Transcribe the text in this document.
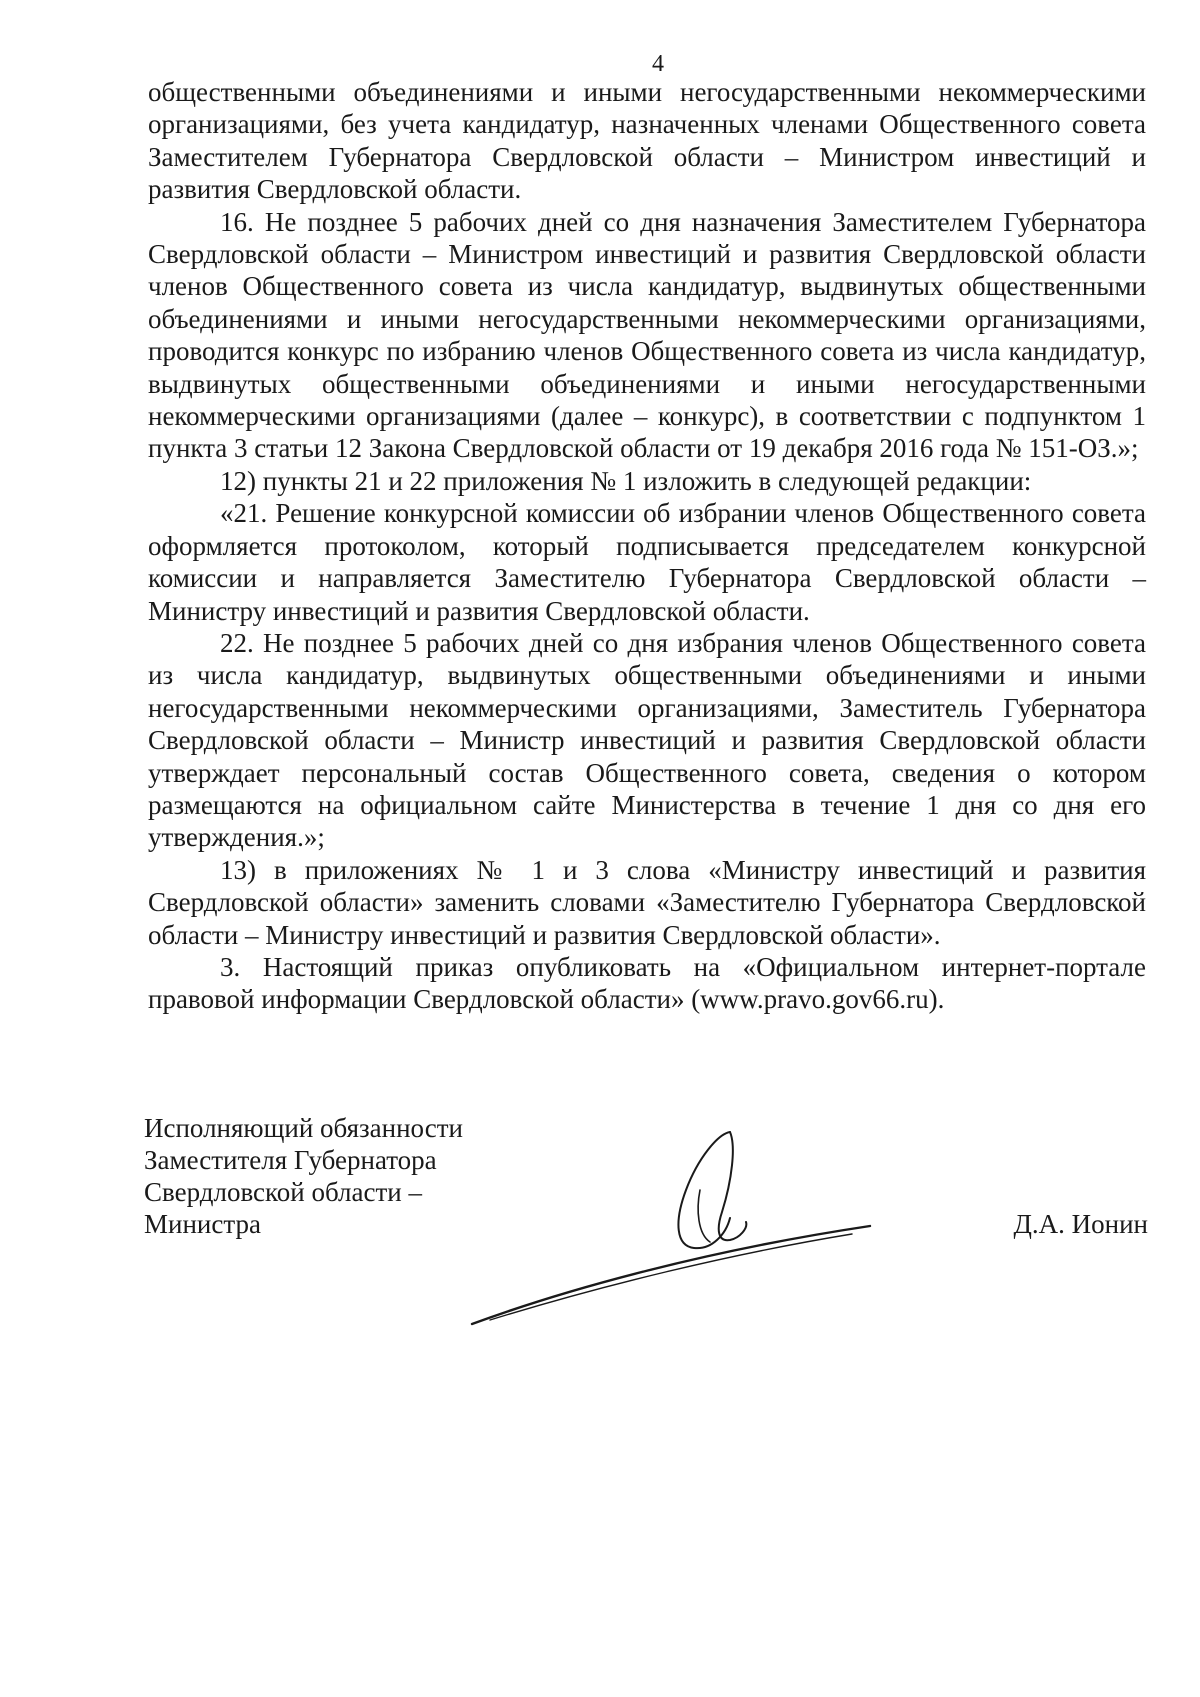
4

общественными объединениями и иными негосударственными некоммерческими организациями, без учета кандидатур, назначенных членами Общественного совета Заместителем Губернатора Свердловской области – Министром инвестиций и развития Свердловской области.

16. Не позднее 5 рабочих дней со дня назначения Заместителем Губернатора Свердловской области – Министром инвестиций и развития Свердловской области членов Общественного совета из числа кандидатур, выдвинутых общественными объединениями и иными негосударственными некоммерческими организациями, проводится конкурс по избранию членов Общественного совета из числа кандидатур, выдвинутых общественными объединениями и иными негосударственными некоммерческими организациями (далее – конкурс), в соответствии с подпунктом 1 пункта 3 статьи 12 Закона Свердловской области от 19 декабря 2016 года № 151-ОЗ.»;

12) пункты 21 и 22 приложения № 1 изложить в следующей редакции:

«21. Решение конкурсной комиссии об избрании членов Общественного совета оформляется протоколом, который подписывается председателем конкурсной комиссии и направляется Заместителю Губернатора Свердловской области – Министру инвестиций и развития Свердловской области.

22. Не позднее 5 рабочих дней со дня избрания членов Общественного совета из числа кандидатур, выдвинутых общественными объединениями и иными негосударственными некоммерческими организациями, Заместитель Губернатора Свердловской области – Министр инвестиций и развития Свердловской области утверждает персональный состав Общественного совета, сведения о котором размещаются на официальном сайте Министерства в течение 1 дня со дня его утверждения.»;

13) в приложениях № 1 и 3 слова «Министру инвестиций и развития Свердловской области» заменить словами «Заместителю Губернатора Свердловской области – Министру инвестиций и развития Свердловской области».

3. Настоящий приказ опубликовать на «Официальном интернет-портале правовой информации Свердловской области» (www.pravo.gov66.ru).

Исполняющий обязанности
Заместителя Губернатора
Свердловской области –
Министра	Д.А. Ионин
